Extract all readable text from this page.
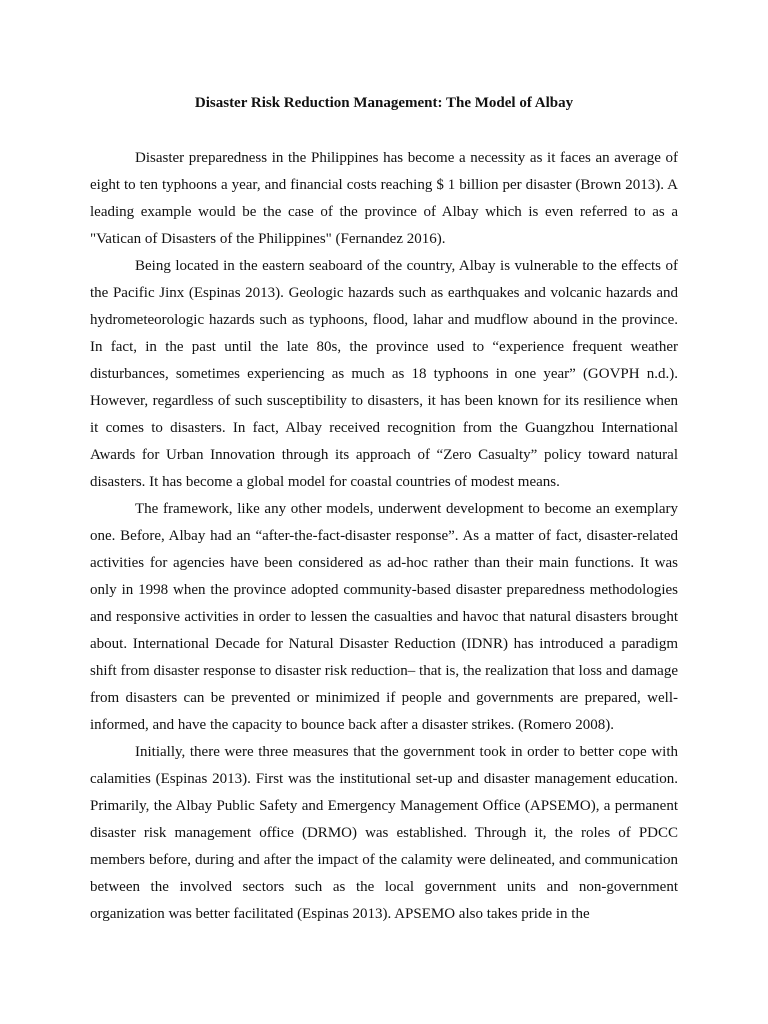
Disaster Risk Reduction Management: The Model of Albay

Disaster preparedness in the Philippines has become a necessity as it faces an average of eight to ten typhoons a year, and financial costs reaching $ 1 billion per disaster (Brown 2013). A leading example would be the case of the province of Albay which is even referred to as a "Vatican of Disasters of the Philippines" (Fernandez 2016).

Being located in the eastern seaboard of the country, Albay is vulnerable to the effects of the Pacific Jinx (Espinas 2013). Geologic hazards such as earthquakes and volcanic hazards and hydrometeorologic hazards such as typhoons, flood, lahar and mudflow abound in the province. In fact, in the past until the late 80s, the province used to “experience frequent weather disturbances, sometimes experiencing as much as 18 typhoons in one year” (GOVPH n.d.). However, regardless of such susceptibility to disasters, it has been known for its resilience when it comes to disasters. In fact, Albay received recognition from the Guangzhou International Awards for Urban Innovation through its approach of “Zero Casualty” policy toward natural disasters. It has become a global model for coastal countries of modest means.

The framework, like any other models, underwent development to become an exemplary one. Before, Albay had an “after-the-fact-disaster response”. As a matter of fact, disaster-related activities for agencies have been considered as ad-hoc rather than their main functions. It was only in 1998 when the province adopted community-based disaster preparedness methodologies and responsive activities in order to lessen the casualties and havoc that natural disasters brought about. International Decade for Natural Disaster Reduction (IDNR) has introduced a paradigm shift from disaster response to disaster risk reduction– that is, the realization that loss and damage from disasters can be prevented or minimized if people and governments are prepared, well-informed, and have the capacity to bounce back after a disaster strikes. (Romero 2008).

Initially, there were three measures that the government took in order to better cope with calamities (Espinas 2013). First was the institutional set-up and disaster management education. Primarily, the Albay Public Safety and Emergency Management Office (APSEMO), a permanent disaster risk management office (DRMO) was established. Through it, the roles of PDCC members before, during and after the impact of the calamity were delineated, and communication between the involved sectors such as the local government units and non-government organization was better facilitated (Espinas 2013). APSEMO also takes pride in the
